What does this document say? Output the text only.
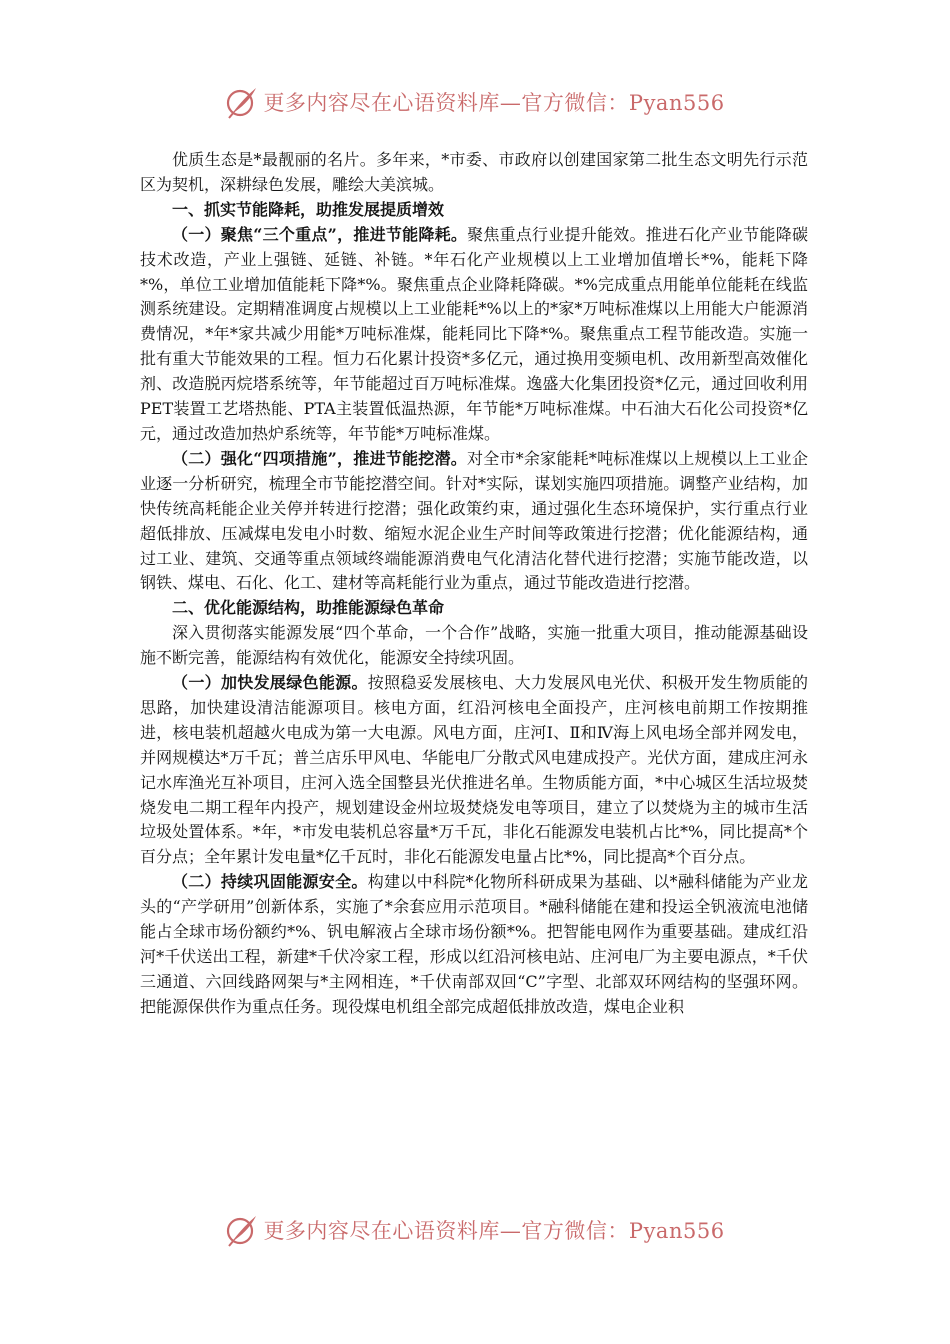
更多内容尽在心语资料库—官方微信：Pyan556

优质生态是*最靓丽的名片。多年来，*市委、市政府以创建国家第二批生态文明先行示范区为契机，深耕绿色发展，雕绘大美滨城。

一、抓实节能降耗，助推发展提质增效

（一）聚焦“三个重点”，推进节能降耗。聚焦重点行业提升能效。推进石化产业节能降碳技术改造，产业上强链、延链、补链。*年石化产业规模以上工业增加值增长*%，能耗下降*%，单位工业增加值能耗下降*%。聚焦重点企业降耗降碳。*%完成重点用能单位能耗在线监测系统建设。定期精准调度占规模以上工业能耗*%以上的*家*万吨标准煤以上用能大户能源消费情况，*年*家共减少用能*万吨标准煤，能耗同比下降*%。聚焦重点工程节能改造。实施一批有重大节能效果的工程。恒力石化累计投资*多亿元，通过换用变频电机、改用新型高效催化剂、改造脱丙烷塔系统等，年节能超过百万吨标准煤。逸盛大化集团投资*亿元，通过回收利用PET装置工艺塔热能、PTA主装置低温热源，年节能*万吨标准煤。中石油大石化公司投资*亿元，通过改造加热炉系统等，年节能*万吨标准煤。

（二）强化“四项措施”，推进节能挖潜。对全市*余家能耗*吨标准煤以上规模以上工业企业逐一分析研究，梳理全市节能挖潜空间。针对*实际，谋划实施四项措施。调整产业结构，加快传统高耗能企业关停并转进行挖潜；强化政策约束，通过强化生态环境保护，实行重点行业超低排放、压减煤电发电小时数、缩短水泥企业生产时间等政策进行挖潜；优化能源结构，通过工业、建筑、交通等重点领域终端能源消费电气化清洁化替代进行挖潜；实施节能改造，以钢铁、煤电、石化、化工、建材等高耗能行业为重点，通过节能改造进行挖潜。

二、优化能源结构，助推能源绿色革命

深入贯彻落实能源发展“四个革命，一个合作”战略，实施一批重大项目，推动能源基础设施不断完善，能源结构有效优化，能源安全持续巩固。

（一）加快发展绿色能源。按照稳妥发展核电、大力发展风电光伏、积极开发生物质能的思路，加快建设清洁能源项目。核电方面，红沿河核电全面投产，庄河核电前期工作按期推进，核电装机超越火电成为第一大电源。风电方面，庄河Ⅰ、Ⅱ和Ⅳ海上风电场全部并网发电，并网规模达*万千瓦；普兰店乐甲风电、华能电厂分散式风电建成投产。光伏方面，建成庄河永记水库渔光互补项目，庄河入选全国整县光伏推进名单。生物质能方面，*中心城区生活垃圾焚烧发电二期工程年内投产，规划建设金州垃圾焚烧发电等项目，建立了以焚烧为主的城市生活垃圾处置体系。*年，*市发电装机总容量*万千瓦，非化石能源发电装机占比*%，同比提高*个百分点；全年累计发电量*亿千瓦时，非化石能源发电量占比*%，同比提高*个百分点。

（二）持续巩固能源安全。构建以中科院*化物所科研成果为基础、以*融科储能为产业龙头的“产学研用”创新体系，实施了*余套应用示范项目。*融科储能在建和投运全钒液流电池储能占全球市场份额约*%、钒电解液占全球市场份额*%。把智能电网作为重要基础。建成红沿河*千伏送出工程，新建*千伏冷家工程，形成以红沿河核电站、庄河电厂为主要电源点，*千伏三通道、六回线路网架与*主网相连，*千伏南部双回“C”字型、北部双环网结构的坚强环网。把能源保供作为重点任务。现役煤电机组全部完成超低排放改造，煤电企业积

更多内容尽在心语资料库—官方微信：Pyan556
